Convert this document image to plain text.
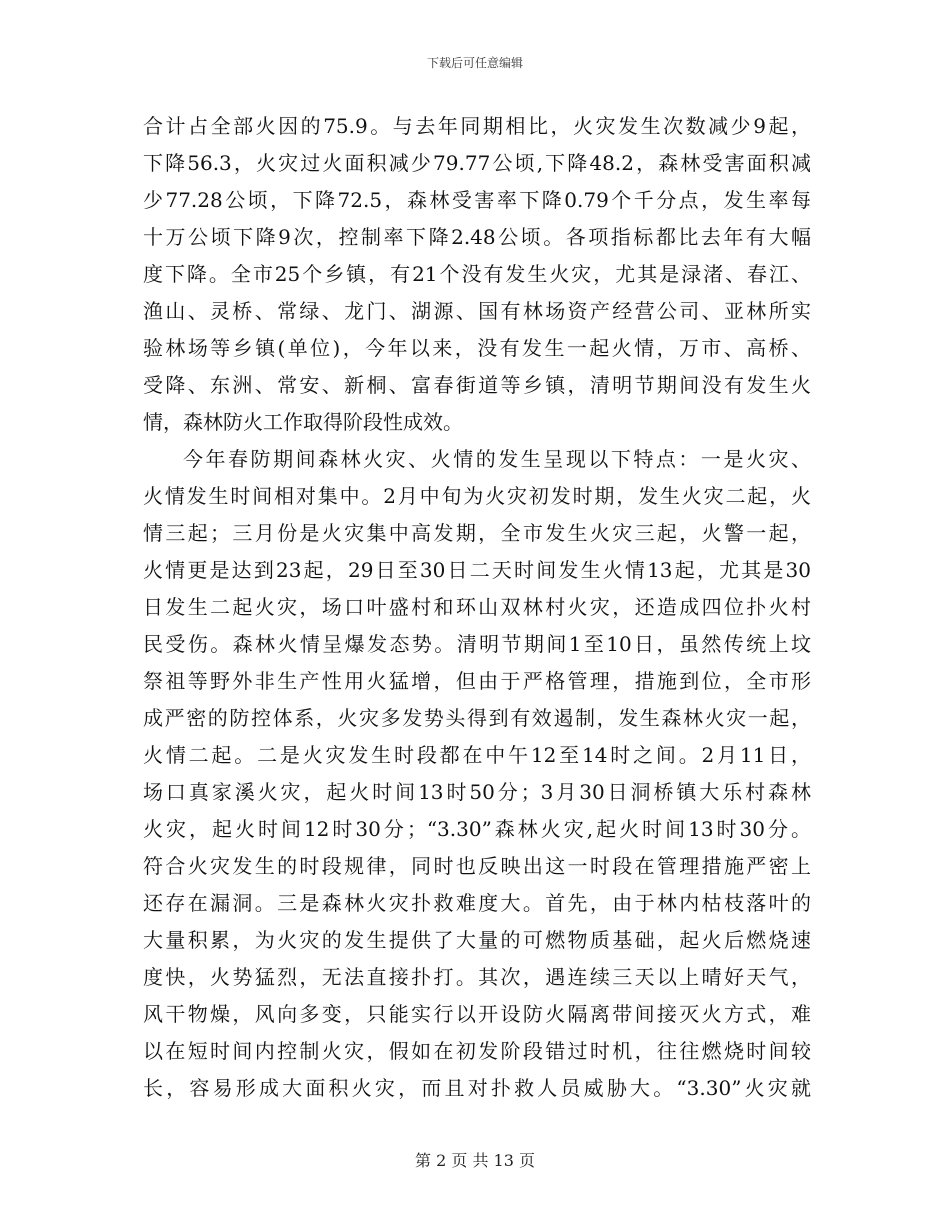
下载后可任意编辑
合计占全部火因的75.9。与去年同期相比，火灾发生次数减少9起，
下降56.3，火灾过火面积减少79.77公顷,下降48.2，森林受害面积减
少77.28公顷，下降72.5，森林受害率下降0.79个千分点，发生率每
十万公顷下降9次，控制率下降2.48公顷。各项指标都比去年有大幅
度下降。全市25个乡镇，有21个没有发生火灾，尤其是渌渚、春江、
渔山、灵桥、常绿、龙门、湖源、国有林场资产经营公司、亚林所实
验林场等乡镇(单位)，今年以来，没有发生一起火情，万市、高桥、
受降、东洲、常安、新桐、富春街道等乡镇，清明节期间没有发生火
情，森林防火工作取得阶段性成效。
今年春防期间森林火灾、火情的发生呈现以下特点：一是火灾、
火情发生时间相对集中。2月中旬为火灾初发时期，发生火灾二起，火
情三起；三月份是火灾集中高发期，全市发生火灾三起，火警一起，
火情更是达到23起，29日至30日二天时间发生火情13起，尤其是30
日发生二起火灾，场口叶盛村和环山双林村火灾，还造成四位扑火村
民受伤。森林火情呈爆发态势。清明节期间1至10日，虽然传统上坟
祭祖等野外非生产性用火猛增，但由于严格管理，措施到位，全市形
成严密的防控体系，火灾多发势头得到有效遏制，发生森林火灾一起，
火情二起。二是火灾发生时段都在中午12至14时之间。2月11日，
场口真家溪火灾，起火时间13时50分；3月30日洞桥镇大乐村森林
火灾，起火时间12时30分；“3.30”森林火灾,起火时间13时30分。
符合火灾发生的时段规律，同时也反映出这一时段在管理措施严密上
还存在漏洞。三是森林火灾扑救难度大。首先，由于林内枯枝落叶的
大量积累，为火灾的发生提供了大量的可燃物质基础，起火后燃烧速
度快，火势猛烈，无法直接扑打。其次，遇连续三天以上晴好天气，
风干物燥，风向多变，只能实行以开设防火隔离带间接灭火方式，难
以在短时间内控制火灾，假如在初发阶段错过时机，往往燃烧时间较
长，容易形成大面积火灾，而且对扑救人员威胁大。“3.30”火灾就
第 2 页 共 13 页
